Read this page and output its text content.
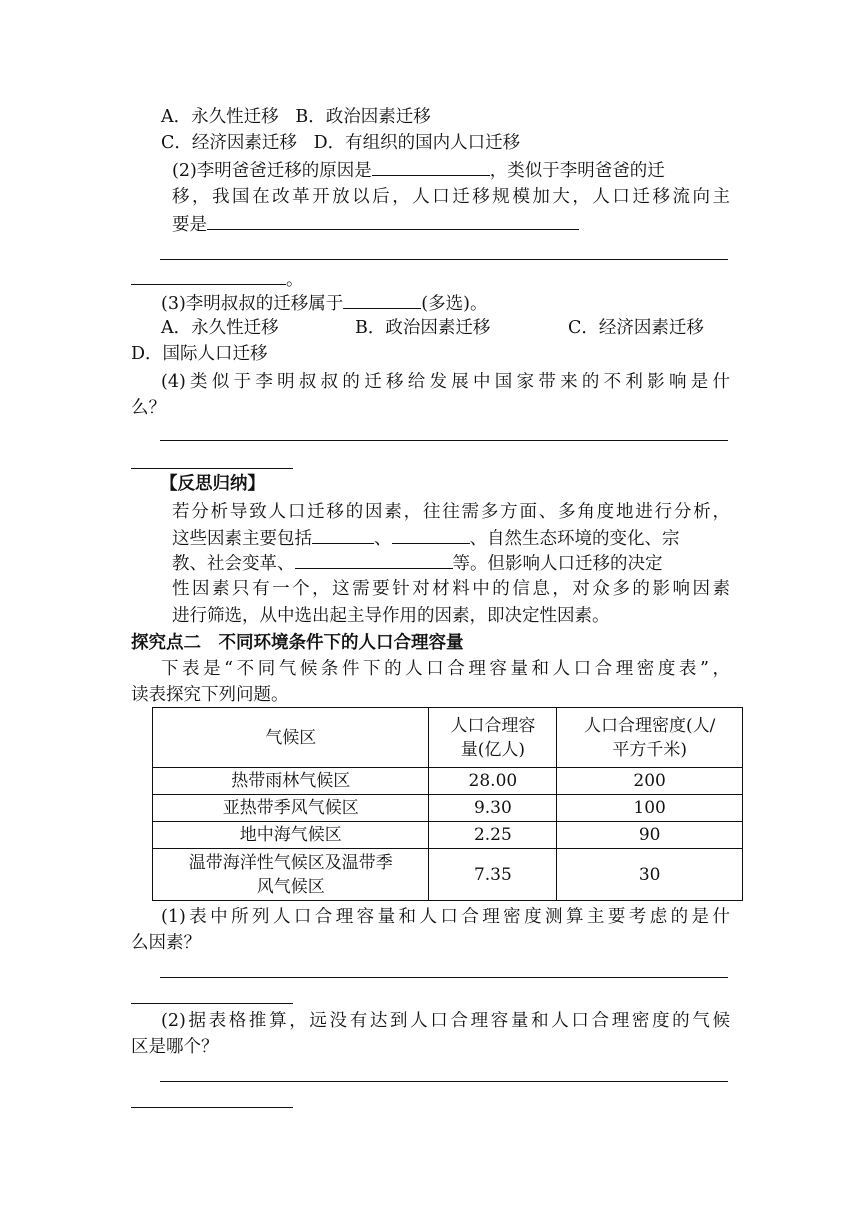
A．永久性迁移 B．政治因素迁移
C．经济因素迁移 D．有组织的国内人口迁移
(2)李明爸爸迁移的原因是	，类似于李明爸爸的迁
移，我国在改革开放以后，人口迁移规模加大，人口迁移流向主
要是
。
(3)李明叔叔的迁移属于	(多选)。
A．永久性迁移	B．政治因素迁移	C．经济因素迁移
D．国际人口迁移
(4)类似于李明叔叔的迁移给发展中国家带来的不利影响是什
么？
【反思归纳】
若分析导致人口迁移的因素，往往需多方面、多角度地进行分析，
这些因素主要包括	、	、自然生态环境的变化、宗
教、社会变革、	等。但影响人口迁移的决定
性因素只有一个，这需要针对材料中的信息，对众多的影响因素
进行筛选，从中选出起主导作用的因素，即决定性因素。
探究点二　不同环境条件下的人口合理容量
下表是“不同气候条件下的人口合理容量和人口合理密度表”，
读表探究下列问题。
气候区	人口合理容
量(亿人)	人口合理密度(人/
平方千米)
热带雨林气候区	28.00	200
亚热带季风气候区	9.30	100
地中海气候区	2.25	90
温带海洋性气候区及温带季
风气候区	7.35	30
(1)表中所列人口合理容量和人口合理密度测算主要考虑的是什
么因素？
(2)据表格推算，远没有达到人口合理容量和人口合理密度的气候
区是哪个？
